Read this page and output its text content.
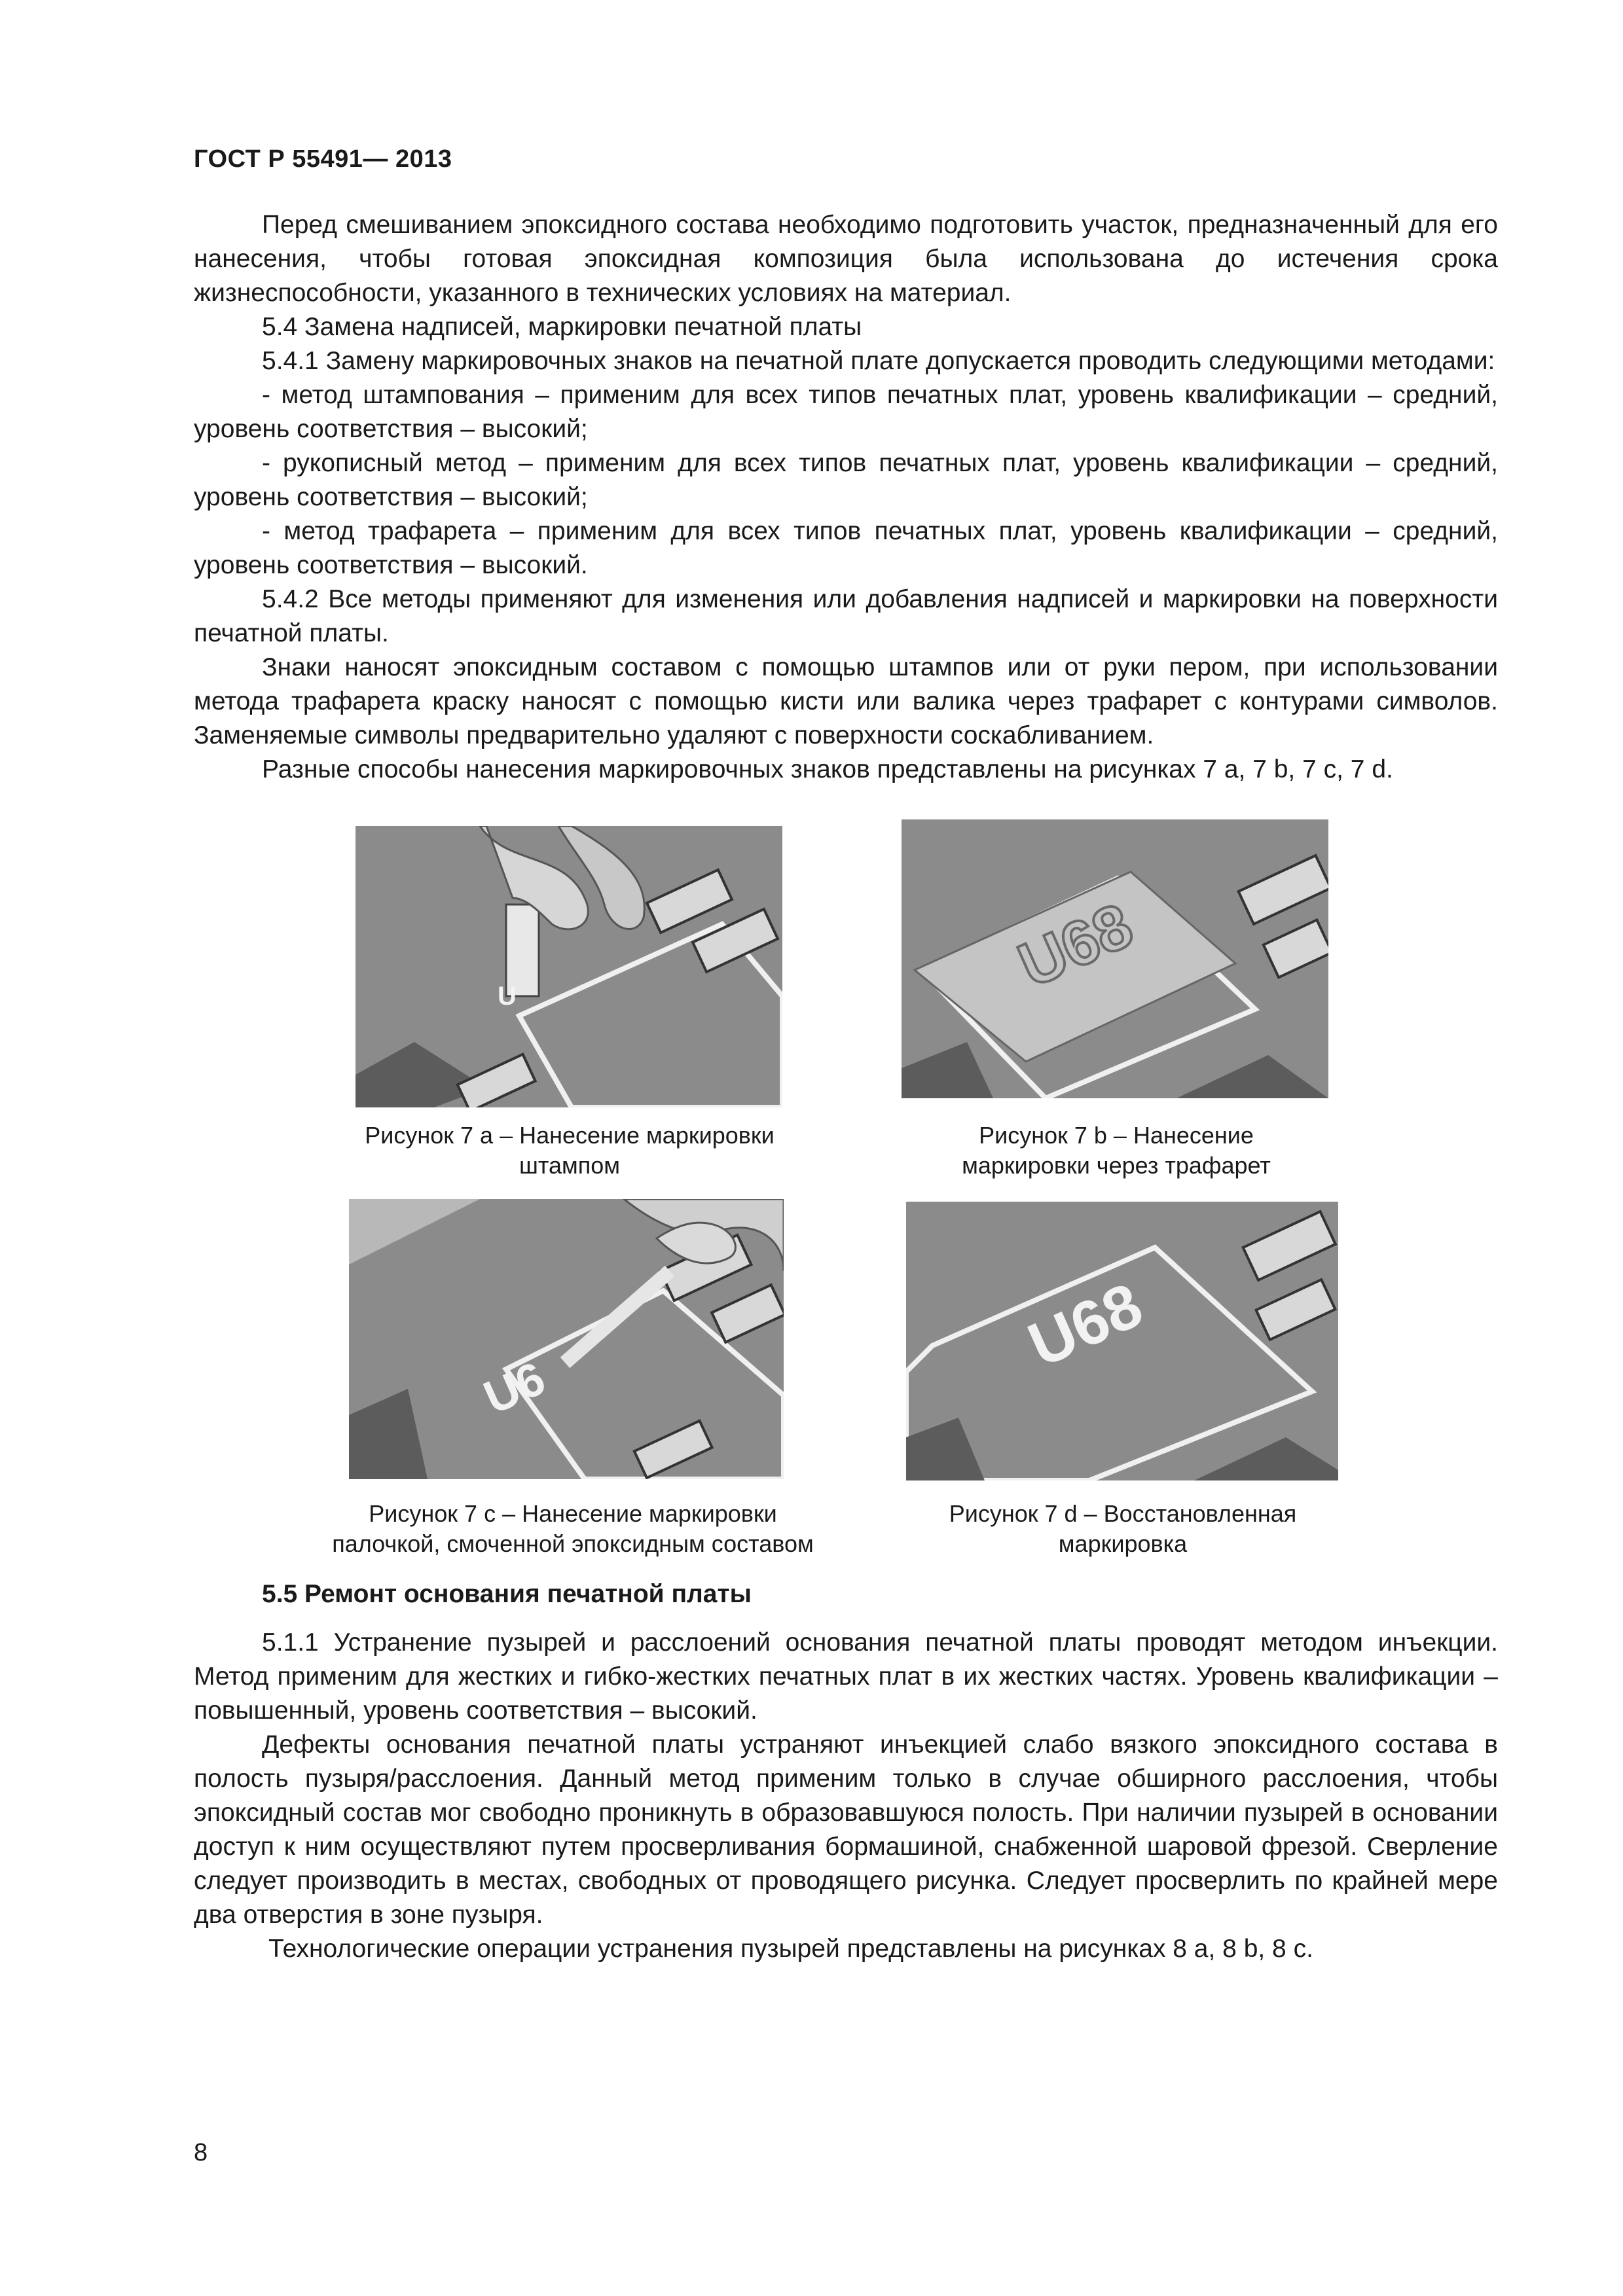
ГОСТ Р 55491— 2013

Перед смешиванием эпоксидного состава необходимо подготовить участок, предназначенный для его нанесения, чтобы готовая эпоксидная композиция была использована до истечения срока жизнеспособности, указанного в технических условиях на материал.

5.4 Замена надписей, маркировки печатной платы

5.4.1 Замену маркировочных знаков на печатной плате допускается проводить следующими методами:

- метод штампования – применим для всех типов печатных плат, уровень квалификации – средний, уровень соответствия – высокий;

- рукописный метод – применим для всех типов печатных плат, уровень квалификации – средний, уровень соответствия – высокий;

- метод трафарета – применим для всех типов печатных плат, уровень квалификации – средний, уровень соответствия – высокий.

5.4.2 Все методы применяют для изменения или добавления надписей и маркировки на поверхности печатной платы.

Знаки наносят эпоксидным составом с помощью штампов или от руки пером, при использовании метода трафарета краску наносят с помощью кисти или валика через трафарет с контурами символов. Заменяемые символы предварительно удаляют с поверхности соскабливанием.

Разные способы нанесения маркировочных знаков представлены на рисунках 7 а, 7 b, 7 c, 7 d.

Рисунок 7 а – Нанесение маркировки
штампом
Рисунок 7 b – Нанесение
маркировки через трафарет
Рисунок 7 c – Нанесение маркировки
палочкой, смоченной эпоксидным составом
Рисунок 7 d – Восстановленная
маркировка
U	U68
U6
U68

5.5 Ремонт основания печатной платы

5.1.1 Устранение пузырей и расслоений основания печатной платы проводят методом инъекции. Метод применим для жестких и гибко-жестких печатных плат в их жестких частях. Уровень квалификации – повышенный, уровень соответствия – высокий.

Дефекты основания печатной платы устраняют инъекцией слабо вязкого эпоксидного состава в полость пузыря/расслоения. Данный метод применим только в случае обширного расслоения, чтобы эпоксидный состав мог свободно проникнуть в образовавшуюся полость. При наличии пузырей в основании доступ к ним осуществляют путем просверливания бормашиной, снабженной шаровой фрезой. Сверление следует производить в местах, свободных от проводящего рисунка. Следует просверлить по крайней мере два отверстия в зоне пузыря.

Технологические операции устранения пузырей представлены на рисунках 8 а, 8 b, 8 c.

8
